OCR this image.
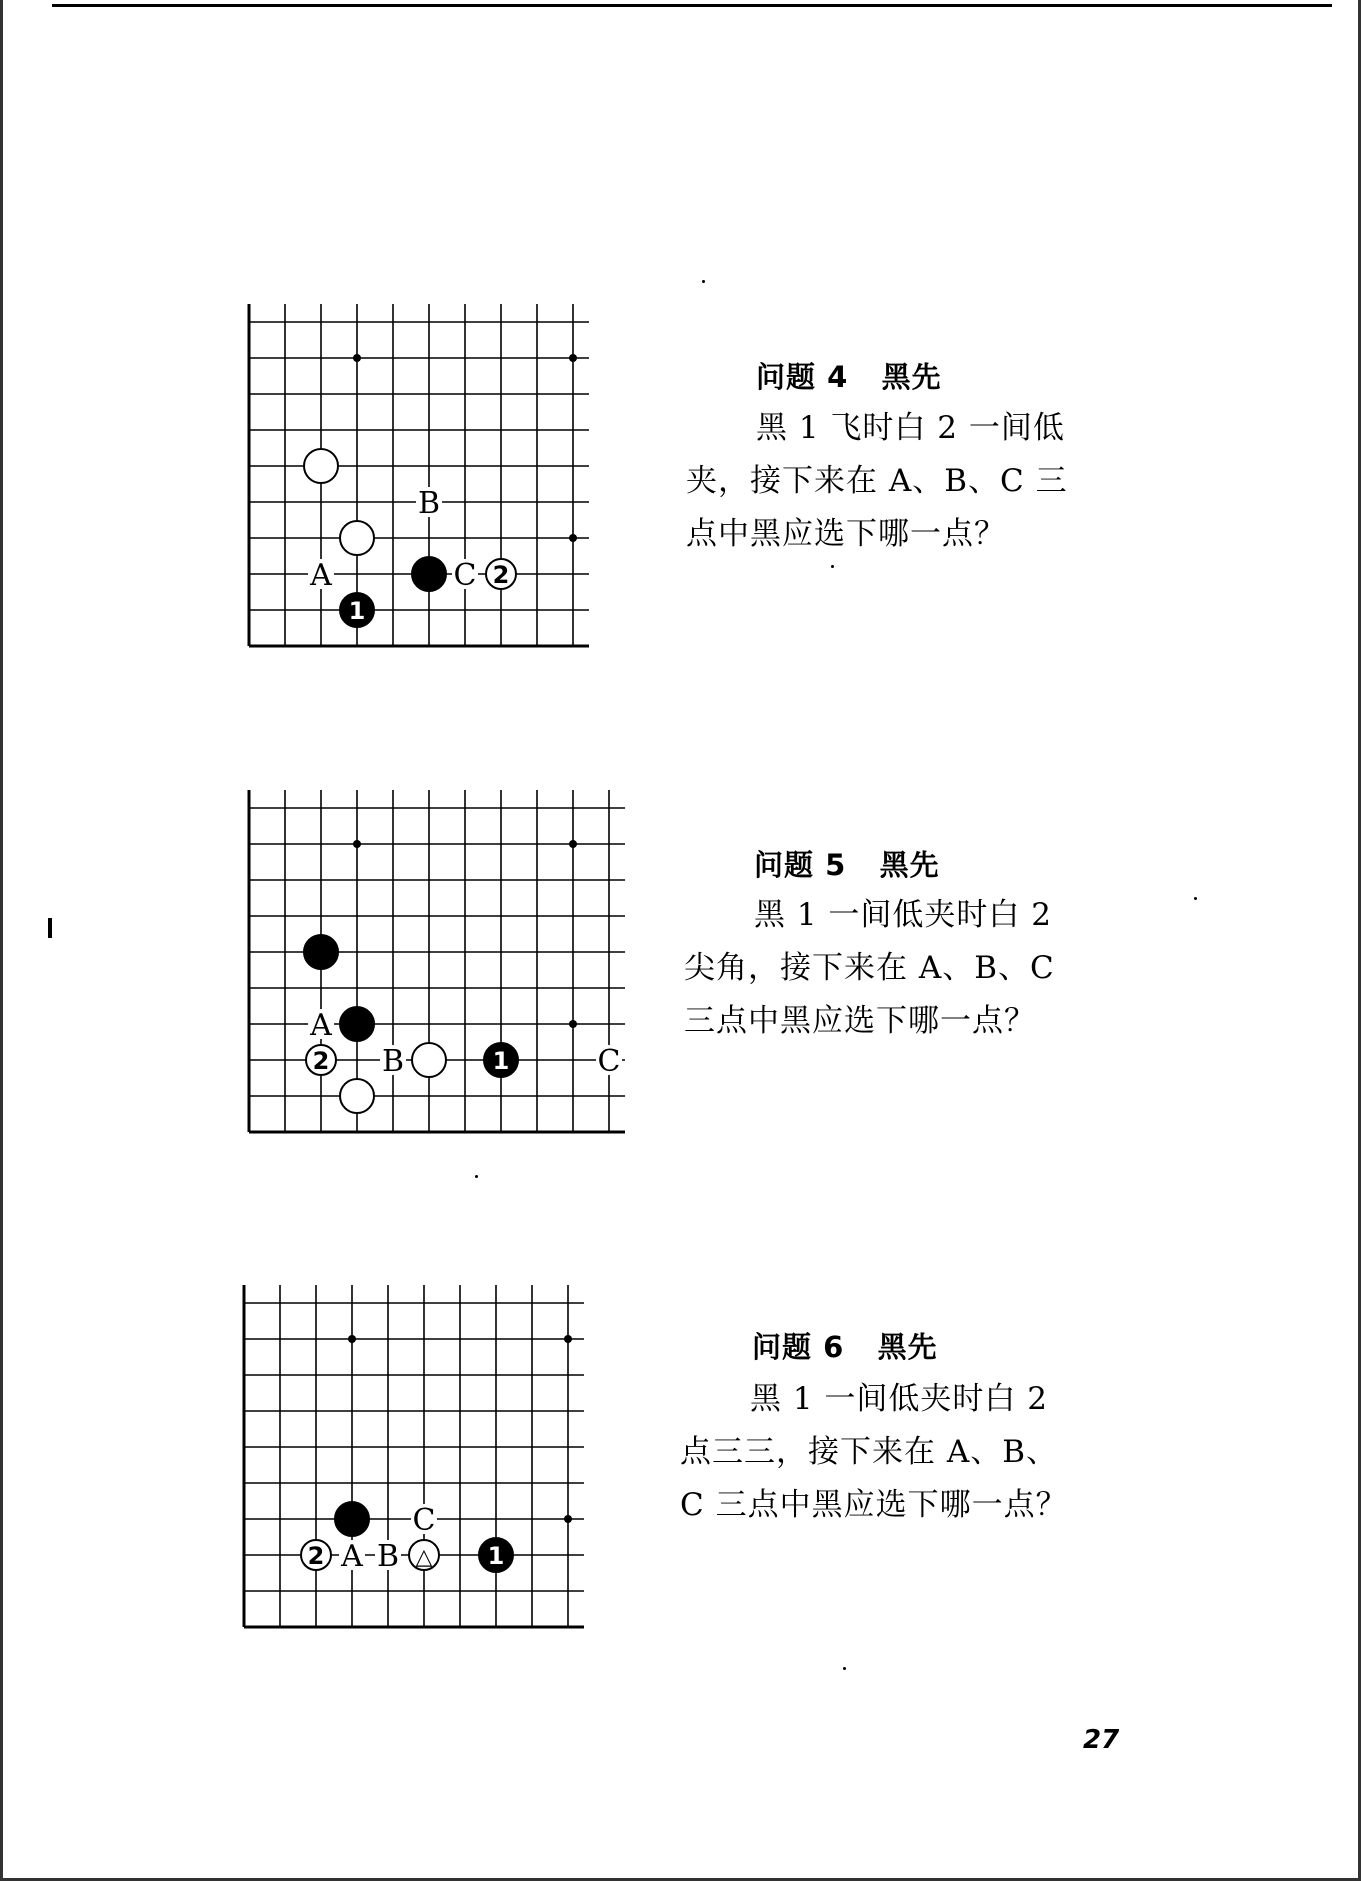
A
B
C
1
2
问题 4   黑先
黑 1 飞时白 2 一间低夹，接下来在 A、B、C 三点中黑应选下哪一点？
A
B	C
2	1
问题 5   黑先
黑 1 一间低夹时白 2 尖角，接下来在 A、B、C 三点中黑应选下哪一点？
A B
C
2	△ 1
问题 6   黑先
黑 1 一间低夹时白 2 点三三，接下来在 A、B、C 三点中黑应选下哪一点？
27
